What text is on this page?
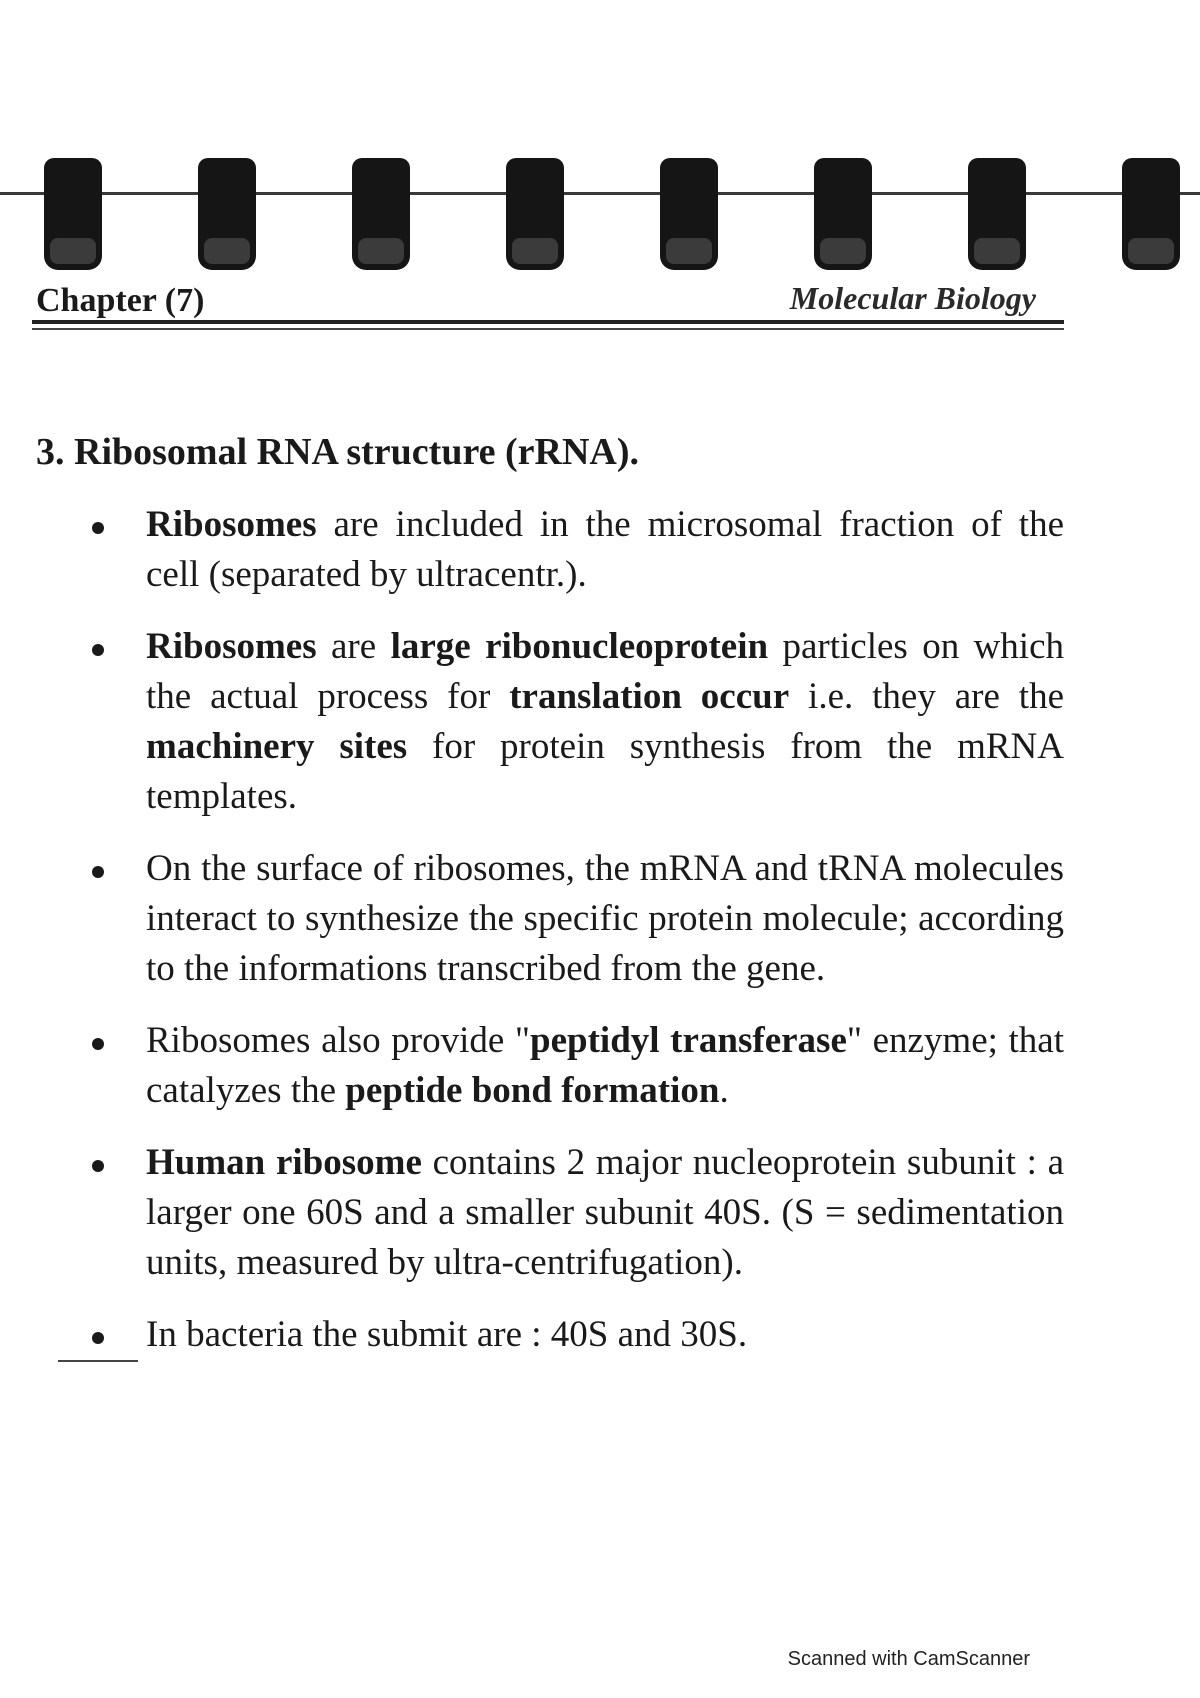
Chapter (7)	Molecular Biology
3. Ribosomal RNA structure (rRNA).
Ribosomes are included in the microsomal fraction of the cell (separated by ultracentr.).
Ribosomes are large ribonucleoprotein particles on which the actual process for translation occur i.e. they are the machinery sites for protein synthesis from the mRNA templates.
On the surface of ribosomes, the mRNA and tRNA molecules interact to synthesize the specific protein molecule; according to the informations transcribed from the gene.
Ribosomes also provide "peptidyl transferase" enzyme; that catalyzes the peptide bond formation.
Human ribosome contains 2 major nucleoprotein subunit : a larger one 60S and a smaller subunit 40S. (S = sedimentation units, measured by ultra-centrifugation).
In bacteria the submit are : 40S and 30S.
Scanned with CamScanner
